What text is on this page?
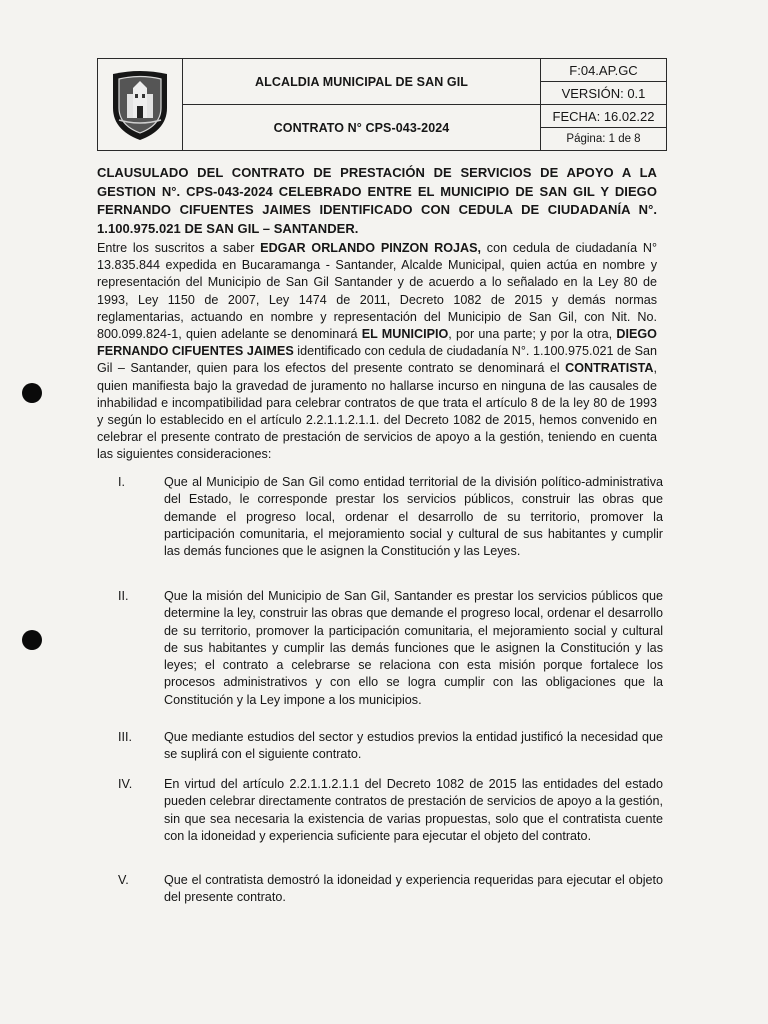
	ALCALDIA MUNICIPAL DE SAN GIL	F:04.AP.GC
		VERSIÓN: 0.1
	CONTRATO N° CPS-043-2024	FECHA: 16.02.22
		Página: 1 de 8
CLAUSULADO DEL CONTRATO DE PRESTACIÓN DE SERVICIOS DE APOYO A LA GESTION N°. CPS-043-2024 CELEBRADO ENTRE EL MUNICIPIO DE SAN GIL Y DIEGO FERNANDO CIFUENTES JAIMES IDENTIFICADO CON CEDULA DE CIUDADANÍA N°. 1.100.975.021 DE SAN GIL – SANTANDER.
Entre los suscritos a saber EDGAR ORLANDO PINZON ROJAS, con cedula de ciudadanía N° 13.835.844 expedida en Bucaramanga - Santander, Alcalde Municipal, quien actúa en nombre y representación del Municipio de San Gil Santander y de acuerdo a lo señalado en la Ley 80 de 1993, Ley 1150 de 2007, Ley 1474 de 2011, Decreto 1082 de 2015 y demás normas reglamentarias, actuando en nombre y representación del Municipio de San Gil, con Nit. No. 800.099.824-1, quien adelante se denominará EL MUNICIPIO, por una parte; y por la otra, DIEGO FERNANDO CIFUENTES JAIMES identificado con cedula de ciudadanía N°. 1.100.975.021 de San Gil – Santander, quien para los efectos del presente contrato se denominará el CONTRATISTA, quien manifiesta bajo la gravedad de juramento no hallarse incurso en ninguna de las causales de inhabilidad e incompatibilidad para celebrar contratos de que trata el artículo 8 de la ley 80 de 1993 y según lo establecido en el artículo 2.2.1.1.2.1.1. del Decreto 1082 de 2015, hemos convenido en celebrar el presente contrato de prestación de servicios de apoyo a la gestión, teniendo en cuenta las siguientes consideraciones:
I.	Que al Municipio de San Gil como entidad territorial de la división político-administrativa del Estado, le corresponde prestar los servicios públicos, construir las obras que demande el progreso local, ordenar el desarrollo de su territorio, promover la participación comunitaria, el mejoramiento social y cultural de sus habitantes y cumplir las demás funciones que le asignen la Constitución y las Leyes.
II.	Que la misión del Municipio de San Gil, Santander es prestar los servicios públicos que determine la ley, construir las obras que demande el progreso local, ordenar el desarrollo de su territorio, promover la participación comunitaria, el mejoramiento social y cultural de sus habitantes y cumplir las demás funciones que le asignen la Constitución y las leyes; el contrato a celebrarse se relaciona con esta misión porque fortalece los procesos administrativos y con ello se logra cumplir con las obligaciones que la Constitución y la Ley impone a los municipios.
III.	Que mediante estudios del sector y estudios previos la entidad justificó la necesidad que se suplirá con el siguiente contrato.
IV.	En virtud del artículo 2.2.1.1.2.1.1 del Decreto 1082 de 2015 las entidades del estado pueden celebrar directamente contratos de prestación de servicios de apoyo a la gestión, sin que sea necesaria la existencia de varias propuestas, solo que el contratista cuente con la idoneidad y experiencia suficiente para ejecutar el objeto del contrato.
V.	Que el contratista demostró la idoneidad y experiencia requeridas para ejecutar el objeto del presente contrato.
